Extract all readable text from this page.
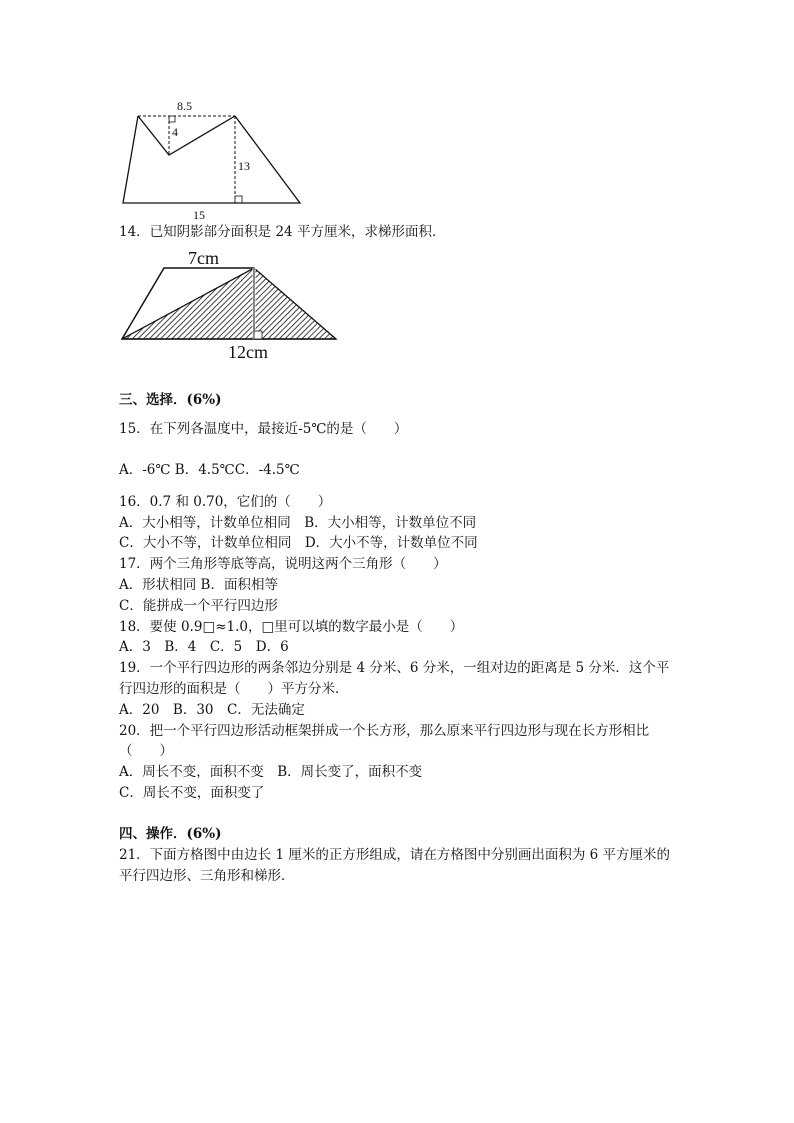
8.5
4
13
15
14．已知阴影部分面积是 24 平方厘米，求梯形面积．
7cm
12cm
三、选择．(6%)
15．在下列各温度中，最接近-5℃的是（　　）
A．-6℃ B．4.5℃C．-4.5℃
16．0.7 和 0.70，它们的（　　）
A．大小相等，计数单位相同　B．大小相等，计数单位不同
C．大小不等，计数单位相同　D．大小不等，计数单位不同
17．两个三角形等底等高，说明这两个三角形（　　）
A．形状相同 B．面积相等
C．能拼成一个平行四边形
18．要使 0.9□≈1.0，□里可以填的数字最小是（　　）
A．3　B．4　C．5　D．6
19．一个平行四边形的两条邻边分别是 4 分米、6 分米，一组对边的距离是 5 分米．这个平
行四边形的面积是（　　）平方分米．
A．20　B．30　C．无法确定
20．把一个平行四边形活动框架拼成一个长方形，那么原来平行四边形与现在长方形相比
（　　）
A．周长不变，面积不变　B．周长变了，面积不变
C．周长不变，面积变了
四、操作．(6%)
21．下面方格图中由边长 1 厘米的正方形组成，请在方格图中分别画出面积为 6 平方厘米的
平行四边形、三角形和梯形．
